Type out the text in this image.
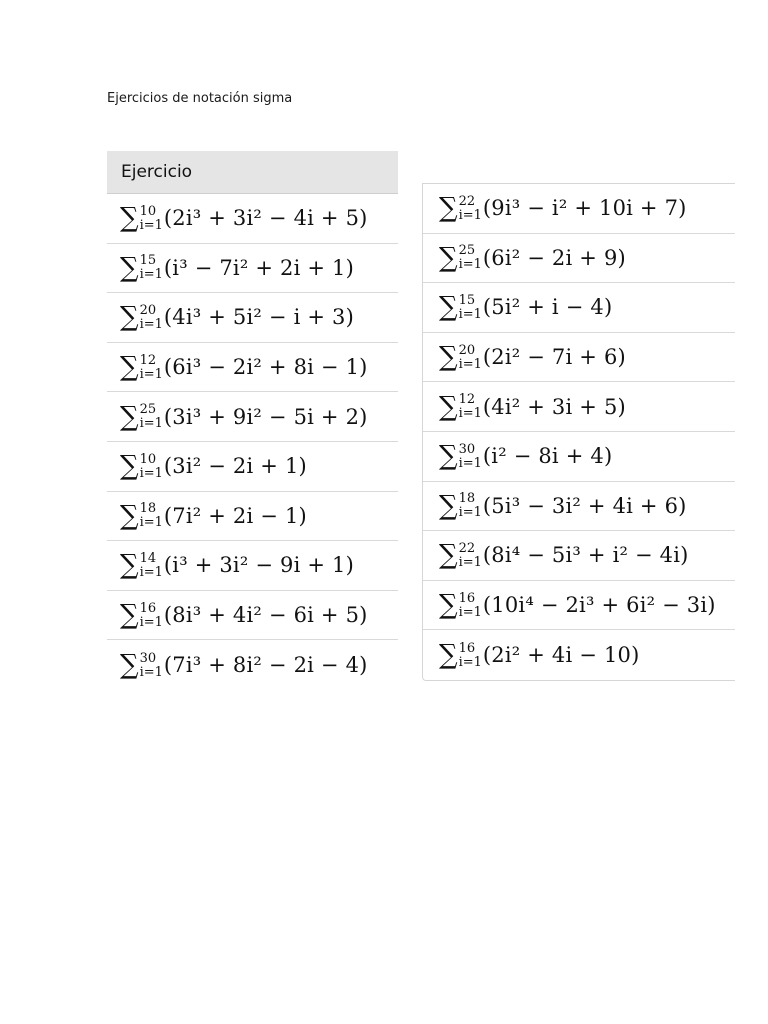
Ejercicios de notación sigma
Ejercicio
∑ 10
i=1 (2i³ + 3i² − 4i + 5)
∑ 15
i=1 (i³ − 7i² + 2i + 1)
∑ 20
i=1 (4i³ + 5i² − i + 3)
∑ 12
i=1 (6i³ − 2i² + 8i − 1)
∑ 25
i=1 (3i³ + 9i² − 5i + 2)
∑ 10
i=1 (3i² − 2i + 1)
∑ 18
i=1 (7i² + 2i − 1)
∑ 14
i=1 (i³ + 3i² − 9i + 1)
∑ 16
i=1 (8i³ + 4i² − 6i + 5)
∑ 30
i=1 (7i³ + 8i² − 2i − 4)
∑ 22
i=1 (9i³ − i² + 10i + 7)
∑ 25
i=1 (6i² − 2i + 9)
∑ 15
i=1 (5i² + i − 4)
∑ 20
i=1 (2i² − 7i + 6)
∑ 12
i=1 (4i² + 3i + 5)
∑ 30
i=1 (i² − 8i + 4)
∑ 18
i=1 (5i³ − 3i² + 4i + 6)
∑ 22
i=1 (8i⁴ − 5i³ + i² − 4i)
∑ 16
i=1 (10i⁴ − 2i³ + 6i² − 3i)
∑ 16
i=1 (2i² + 4i − 10)
